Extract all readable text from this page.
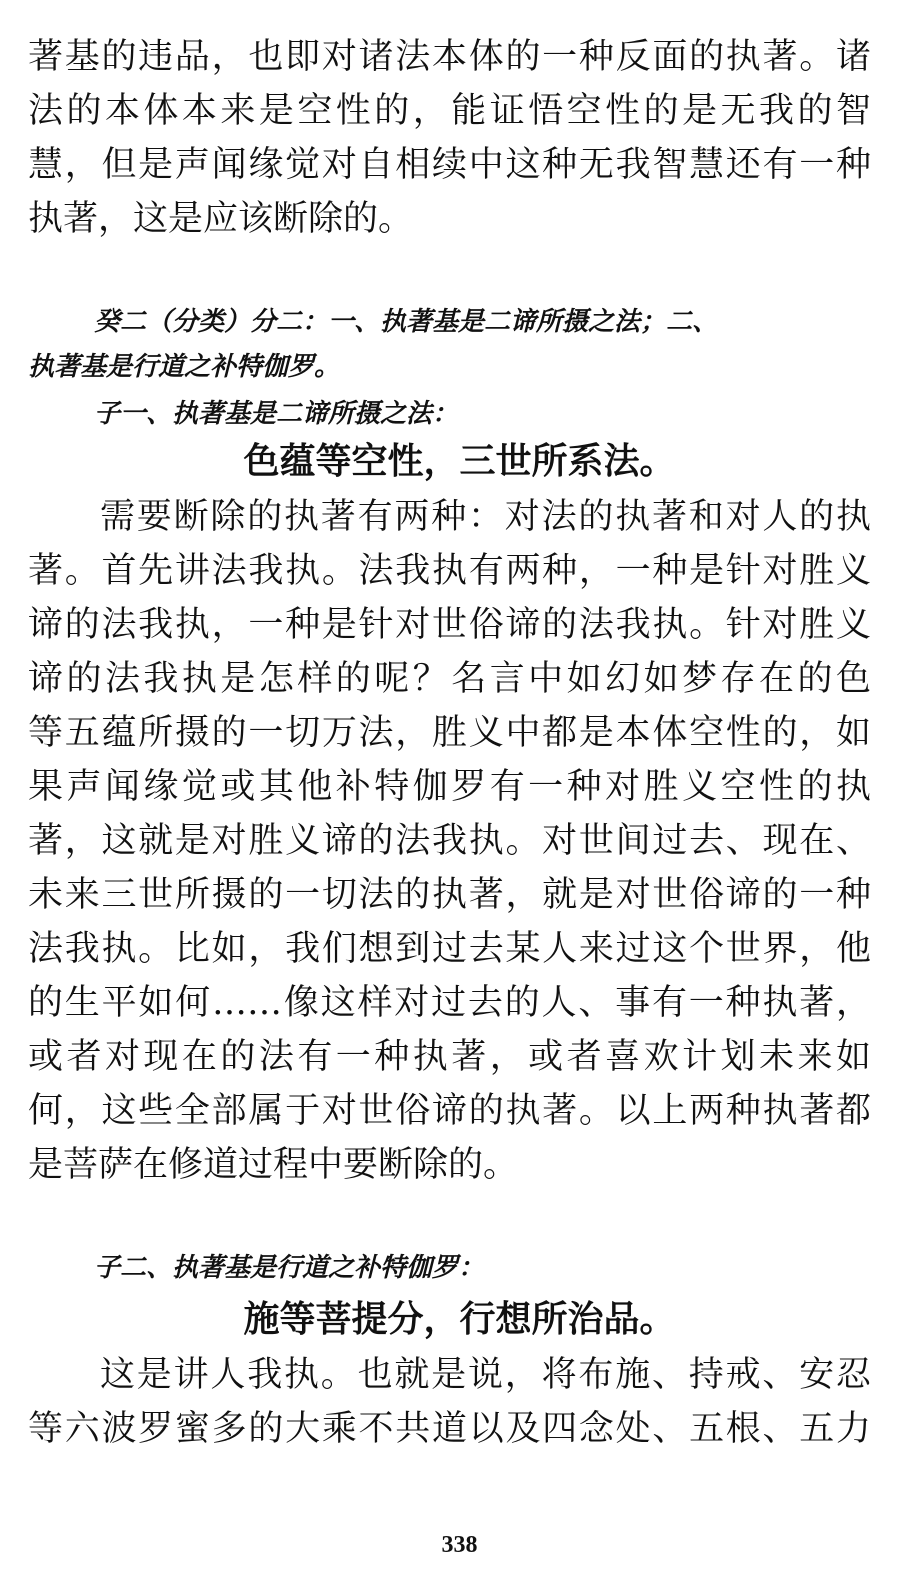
著基的违品，也即对诸法本体的一种反面的执著。诸
法的本体本来是空性的，能证悟空性的是无我的智
慧，但是声闻缘觉对自相续中这种无我智慧还有一种
执著，这是应该断除的。
癸二（分类）分二：一、执著基是二谛所摄之法；二、
执著基是行道之补特伽罗。
子一、执著基是二谛所摄之法：
色蕴等空性，三世所系法。
需要断除的执著有两种：对法的执著和对人的执
著。首先讲法我执。法我执有两种，一种是针对胜义
谛的法我执，一种是针对世俗谛的法我执。针对胜义
谛的法我执是怎样的呢？名言中如幻如梦存在的色
等五蕴所摄的一切万法，胜义中都是本体空性的，如
果声闻缘觉或其他补特伽罗有一种对胜义空性的执
著，这就是对胜义谛的法我执。对世间过去、现在、
未来三世所摄的一切法的执著，就是对世俗谛的一种
法我执。比如，我们想到过去某人来过这个世界，他
的生平如何……像这样对过去的人、事有一种执著，
或者对现在的法有一种执著，或者喜欢计划未来如
何，这些全部属于对世俗谛的执著。以上两种执著都
是菩萨在修道过程中要断除的。
子二、执著基是行道之补特伽罗：
施等菩提分，行想所治品。
这是讲人我执。也就是说，将布施、持戒、安忍
等六波罗蜜多的大乘不共道以及四念处、五根、五力
338
